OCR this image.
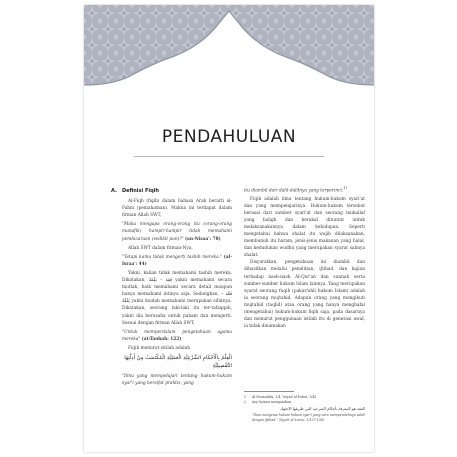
PENDAHULUAN
A. Definisi Fiqih
Al-Fiqh (fiqih) dalam bahasa Arab berarti al-Fahm (pemahaman). Makna ini terdapat dalam firman Allah SWT,
"Maka mengapa orang-orang itu (orang-orang munafik) hampir-hampir tidak memahami pembicaraan (sedikit pun)?" (an-Nisaa': 78)
Allah SWT dalam firman-Nya,
"Tetapi kamu tidak mengerti tasbih mereka." (al-Israa': 44)
Yakni, kalian tidak memahami tasbih mereka. Dikatakan, فَقِهَ – يَفْقَهُ yakni memahami secara mutlak, baik memahami secara detail maupun hanya memahami intinya saja. Sedangkan, فَقُهَ – يَفْقُهُ yakni mudah memahami merupakan sifatnya. Dikatakan, seorang laki-laki itu ter-tafaqqah, yakni dia berusaha untuk paham dan mengerti. Sesuai dengan firman Allah SWT,
"Untuk memperdalam pengetahuan agama mereka" (at-Taubah: 122)
Fiqih menurut istilah adalah
الْعِلْمُ بِالْأَحْكَامِ الشَّرْعِيَّةِ الْعَمَلِيَّةِ الْمُكْتَسَبُ مِنْ أَدِلَّتِهَا التَّفْصِيلِيَّةِ
"Ilmu yang mempelajari tentang hukum-hukum syar'i yang bersifat praktis, yang
itu diambil dari dalil-dalilnya yang terperinci.$^{1)}$
Fiqih adalah ilmu tentang hukum-hukum syari'at dan yang mempelajarinya. Hukum-hukum tersebut berasal dari sumber syari'at dan seorang mukallaf yang baligh dan berakal dituntut untuk melaksanakannya dalam kehidupan. Seperti mengetahui bahwa shalat itu wajib dilaksanakan, membunuh itu haram, jenis-jenis makanan yang halal, dan kedudukan wudhu yang merupakan syarat sahnya shalat.
Disyaratkan, pengetahuan ini diambil dan dihasilkan melalui penelitian, ijtihad, dan kajian terhadap nash-nash Al-Qur'an dan sunnah serta sumber-sumber hukum Islam lainnya. Yang merupakan syarat seorang fuqih (pakar/ahli hukum Islam) adalah ia seorang mujtahid. Adapun orang yang mengikuti mujtahid (taqlid) atau orang yang hanya menghafal (mengetahui) hukum-hukum fiqih saja, pada dasarnya dan menurut penggunaan istilah itu di generasi awal, ia tidak dinamakan
1	Al-Mustashfa, 1/4; Irsyad al-Fuhul, 1/45
2	Asy-Syirazi mengatakan,
الفقه هو المعرفة بأحكام الشرعية التي طريقها الاجتهاد
"Ilmu mengenai hukum-hukum syar'i yang cara memperolehnya ialah dengan ijtihad." (Syarh al-Luma', 1/157-158)
